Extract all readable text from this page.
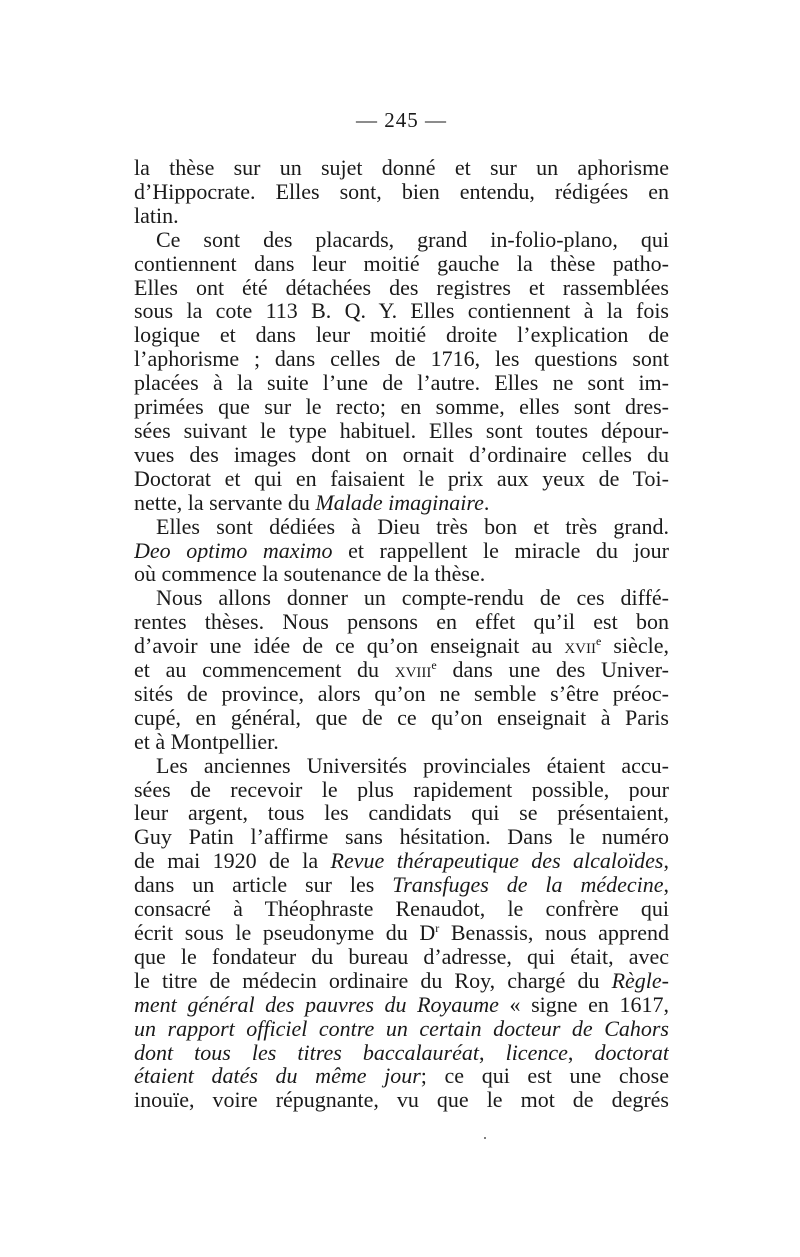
— 245 —
la thèse sur un sujet donné et sur un aphorisme
d’Hippocrate. Elles sont, bien entendu, rédigées en
latin.
Ce sont des placards, grand in-folio-plano, qui
contiennent dans leur moitié gauche la thèse patho-
Elles ont été détachées des registres et rassemblées
sous la cote 113 B. Q. Y. Elles contiennent à la fois
logique et dans leur moitié droite l’explication de
l’aphorisme ; dans celles de 1716, les questions sont
placées à la suite l’une de l’autre. Elles ne sont im-
primées que sur le recto; en somme, elles sont dres-
sées suivant le type habituel. Elles sont toutes dépour-
vues des images dont on ornait d’ordinaire celles du
Doctorat et qui en faisaient le prix aux yeux de Toi-
nette, la servante du Malade imaginaire.
Elles sont dédiées à Dieu très bon et très grand.
Deo optimo maximo et rappellent le miracle du jour
où commence la soutenance de la thèse.
Nous allons donner un compte-rendu de ces diffé-
rentes thèses. Nous pensons en effet qu’il est bon
d’avoir une idée de ce qu’on enseignait au xvii$^e$ siècle,
et au commencement du xviii$^e$ dans une des Univer-
sités de province, alors qu’on ne semble s’être préoc-
cupé, en général, que de ce qu’on enseignait à Paris
et à Montpellier.
Les anciennes Universités provinciales étaient accu-
sées de recevoir le plus rapidement possible, pour
leur argent, tous les candidats qui se présentaient,
Guy Patin l’affirme sans hésitation. Dans le numéro
de mai 1920 de la Revue thérapeutique des alcaloïdes,
dans un article sur les Transfuges de la médecine,
consacré à Théophraste Renaudot, le confrère qui
écrit sous le pseudonyme du $D^r$ Benassis, nous apprend
que le fondateur du bureau d’adresse, qui était, avec
le titre de médecin ordinaire du Roy, chargé du Règle-
ment général des pauvres du Royaume « signe en 1617,
un rapport officiel contre un certain docteur de Cahors
dont tous les titres baccalauréat, licence, doctorat
étaient datés du même jour; ce qui est une chose
inouïe, voire répugnante, vu que le mot de degrés
